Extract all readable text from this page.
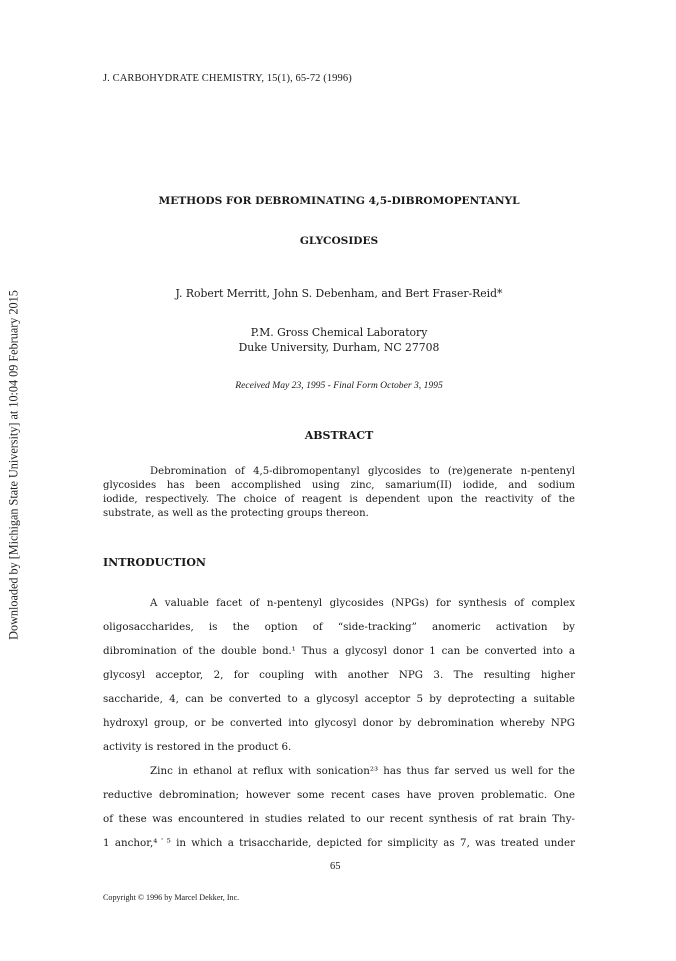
J. CARBOHYDRATE CHEMISTRY, 15(1), 65-72 (1996)
Downloaded by [Michigan State University] at 10:04 09 February 2015
METHODS FOR DEBROMINATING 4,5-DIBROMOPENTANYL
GLYCOSIDES
J. Robert Merritt, John S. Debenham, and Bert Fraser-Reid*
P.M. Gross Chemical Laboratory
Duke University, Durham, NC 27708
Received May 23, 1995 - Final Form October 3, 1995
ABSTRACT
Debromination of 4,5-dibromopentanyl glycosides to (re)generate n-pentenyl
glycosides has been accomplished using zinc, samarium(II) iodide, and sodium
iodide, respectively. The choice of reagent is dependent upon the reactivity of the
substrate, as well as the protecting groups thereon.
INTRODUCTION
A valuable facet of n-pentenyl glycosides (NPGs) for synthesis of complex
oligosaccharides, is the option of “side-tracking” anomeric activation by
dibromination of the double bond.¹ Thus a glycosyl donor 1 can be converted into a
glycosyl acceptor, 2, for coupling with another NPG 3. The resulting higher
saccharide, 4, can be converted to a glycosyl acceptor 5 by deprotecting a suitable
hydroxyl group, or be converted into glycosyl donor by debromination whereby NPG
activity is restored in the product 6.
Zinc in ethanol at reflux with sonication²³ has thus far served us well for the
reductive debromination; however some recent cases have proven problematic. One
of these was encountered in studies related to our recent synthesis of rat brain Thy-
1 anchor,⁴˙⁵ in which a trisaccharide, depicted for simplicity as 7, was treated under
65
Copyright © 1996 by Marcel Dekker, Inc.
